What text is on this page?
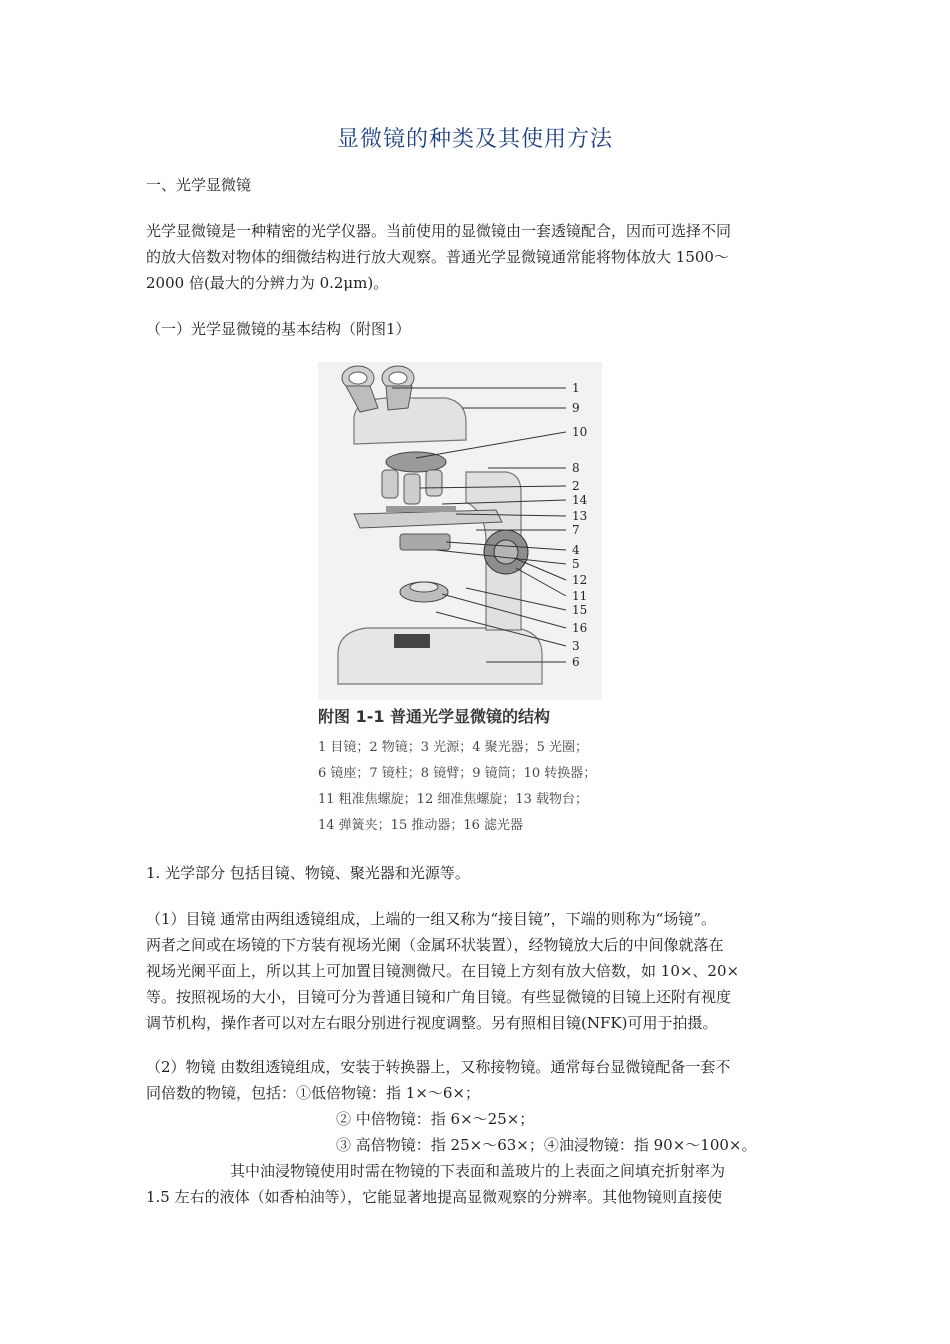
显微镜的种类及其使用方法

一、光学显微镜

光学显微镜是一种精密的光学仪器。当前使用的显微镜由一套透镜配合，因而可选择不同
的放大倍数对物体的细微结构进行放大观察。普通光学显微镜通常能将物体放大 1500～
2000 倍(最大的分辨力为 0.2μm)。

（一）光学显微镜的基本结构（附图1）

1
9
10
8
2
14
13
7
4
5
12
11
15
16
3
6
附图 1-1 普通光学显微镜的结构
1 目镜；2 物镜；3 光源；4 聚光器；5 光圈；
6 镜座；7 镜柱；8 镜臂；9 镜筒；10 转换器；
11 粗准焦螺旋；12 细准焦螺旋；13 载物台；
14 弹簧夹；15 推动器；16 滤光器

1. 光学部分 包括目镜、物镜、聚光器和光源等。

（1）目镜 通常由两组透镜组成，上端的一组又称为“接目镜”，下端的则称为“场镜”。
两者之间或在场镜的下方装有视场光阑（金属环状装置），经物镜放大后的中间像就落在
视场光阑平面上，所以其上可加置目镜测微尺。在目镜上方刻有放大倍数，如 10×、20×
等。按照视场的大小，目镜可分为普通目镜和广角目镜。有些显微镜的目镜上还附有视度
调节机构，操作者可以对左右眼分别进行视度调整。另有照相目镜(NFK)可用于拍摄。

（2）物镜 由数组透镜组成，安装于转换器上，又称接物镜。通常每台显微镜配备一套不
同倍数的物镜，包括：①低倍物镜：指 1×～6×；
② 中倍物镜：指 6×～25×；
③ 高倍物镜：指 25×～63×；④油浸物镜：指 90×～100×。
其中油浸物镜使用时需在物镜的下表面和盖玻片的上表面之间填充折射率为
1.5 左右的液体（如香柏油等），它能显著地提高显微观察的分辨率。其他物镜则直接使
